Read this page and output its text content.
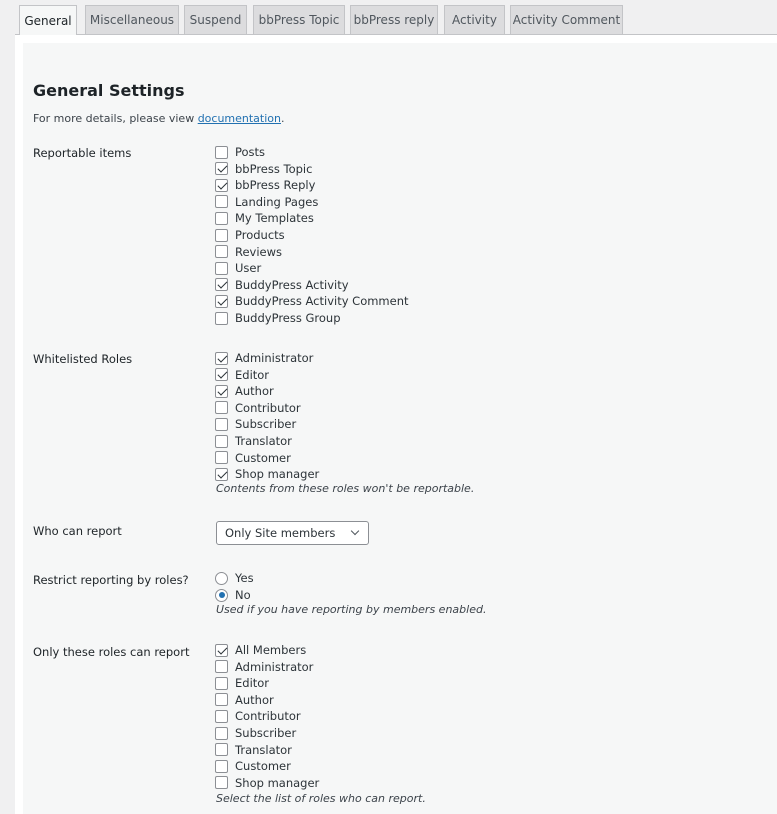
General	Miscellaneous	Suspend	bbPress Topic	bbPress reply	Activity	Activity Comment
General Settings
For more details, please view documentation.
Reportable items	Posts
bbPress Topic
bbPress Reply
Landing Pages
My Templates
Products
Reviews
User
BuddyPress Activity
BuddyPress Activity Comment
BuddyPress Group
Whitelisted Roles	Administrator
Editor
Author
Contributor
Subscriber
Translator
Customer
Shop manager
Contents from these roles won't be reportable.
Who can report	Only Site members
Restrict reporting by roles?	Yes
No
Used if you have reporting by members enabled.
Only these roles can report	All Members
Administrator
Editor
Author
Contributor
Subscriber
Translator
Customer
Shop manager
Select the list of roles who can report.
